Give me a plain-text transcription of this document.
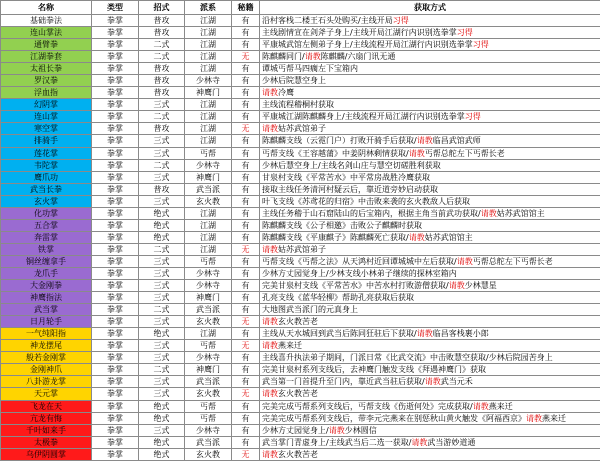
名称	类型	招式	派系	秘籍	获取方式
基础拳法	拳掌	普攻	江湖	有	沿村客栈二楼王石头处购买/主线开局习得
连山掌法	拳掌	普攻	江湖	有	主线剧情宣在剑斧子身上/主线开局江湖行内识别选拳掌习得
通臂拳	拳掌	二式	江湖	有	平康城武馆左侧弟子身上/主线流程开局江湖行内识别选拳掌习得
江湖拳套	拳掌	二式	江湖	无	陈麒麟同门/请教陈麒麟/六扇门讯无通
太祖长拳	拳掌	普攻	江湖	有	谭城丐帮马四瘸左下宝箱内
罗汉拳	拳掌	普攻	少林寺	有	少林后院慧空身上
浮血指	拳掌	普攻	神鹰门	有	请教冷鹰
幻阴掌	拳掌	三式	江湖	有	主线流程稽桐村获取
连山掌	拳掌	二式	江湖	有	平康城江湖陈麒麟身上/主线流程开局江湖行内识别选拳掌习得
寒空掌	拳掌	普攻	江湖	无	请教姑苏武馆弟子
排骑手	拳掌	三式	江湖	有	陈麒麟支线（云霓门户）打败开骑手后获取/请教临昌武馆武师
莲花掌	拳掌	三式	丐帮	有	丐帮支线《王容越蒲》中姜阴林剩情获取/请教丐帮总舵左下丐帮长老
韦陀掌	拳掌	二式	少林寺	有	少林后慧空身上/主线名剑山庄与慧空切磋胜利获取
鹰爪功	拳掌	三式	神鹰门	有	甘泉村支线《平常苦水》中平常房战胜冷鹰获取
武当长拳	拳掌	普攻	武当派	有	接取主线任务清河村疑云后，靠近道旁妙启动获取
玄火掌	拳掌	三式	玄火教	有	叶飞支线《苏鸢花的归宿》中击败来袭的玄火教敌人后获取
化功掌	拳掌	绝式	江湖	有	主线任务稽于山石窟陆山的后宝箱内，根据主角当前武功获取/请教姑苏武馆馆主
五合掌	拳掌	绝式	江湖	有	陈麒麟支线《公子相邀》击败公子麒麟时获取
奔雷掌	拳掌	绝式	江湖	有	陈麒麟支线《平康麒子》陈麒麟死亡获取/请教姑苏武馆馆主
铁掌	拳掌	二式	江湖	无	请教姑苏武馆弟子
铜丝缠拿手	拳掌	三式	丐帮	有	丐帮支线《丐帮之法》从天鸿村近回谭城城中左后获取/请教丐帮总舵左下丐帮长老
龙爪手	拳掌	三式	少林寺	有	少林方丈园觉身上/少林支线小林弟子继续的探林室箱内
大金刚拳	拳掌	三式	少林寺	有	完美甘泉村支线《平常苦水》中苦水村打败游僧获取/请教少林慧星
神鹰指法	拳掌	三式	神鹰门	有	孔亮支线《蓝华轻柳》帮助孔亮获取后获取
武当掌	拳掌	二式	武当派	有	大地图武当派门的元真身上
日月轮手	拳掌	三式	玄火教	无	请教玄火教苦老
一气纯阳指	拳掌	绝式	江湖	有	主线从天水城回到武当后陈同狂驻后下获取/请教临昌客栈裹小郎
神龙摆尾	拳掌	三式	丐帮	无	请教燕来迁
般若金刚掌	拳掌	三式	少林寺	有	主线喜升执法弟子期间，门派日常《比武交流》中击败慧空获取/少林后院园苦身上
金刚神爪	拳掌	二式	神鹰门	有	完美甘泉村系列支线后，去神鹰门触发支线《拜遇神鹰门》获取
八卦游龙掌	拳掌	三式	武当派	有	武当第一门首提升至门内，靠近武当驻后获取/请教武当元禾
天元掌	拳掌	三式	玄火教	无	请教玄火教苦老
飞龙在天	拳掌	绝式	丐帮	有	完美完成丐帮系列支线后，丐帮支线《伤逝何处》完成获取/请教燕来迁
亢龙有悔	拳掌	绝式	丐帮	有	完美完成丐帮系列支线后，带李元完燕来在别惩秋山黄火触发《阿福西京》请教燕来迁
千叶如来手	拳掌	三式	少林寺	有	少林方丈园觉身上/请教少林圆信
太极拳	拳掌	绝式	武当派	有	武当掌门青虚身上/主线武当后二选一获取/请教武当游妙道通
乌伊阴圆掌	拳掌	绝式	玄火教	无	请教玄火教苦老
